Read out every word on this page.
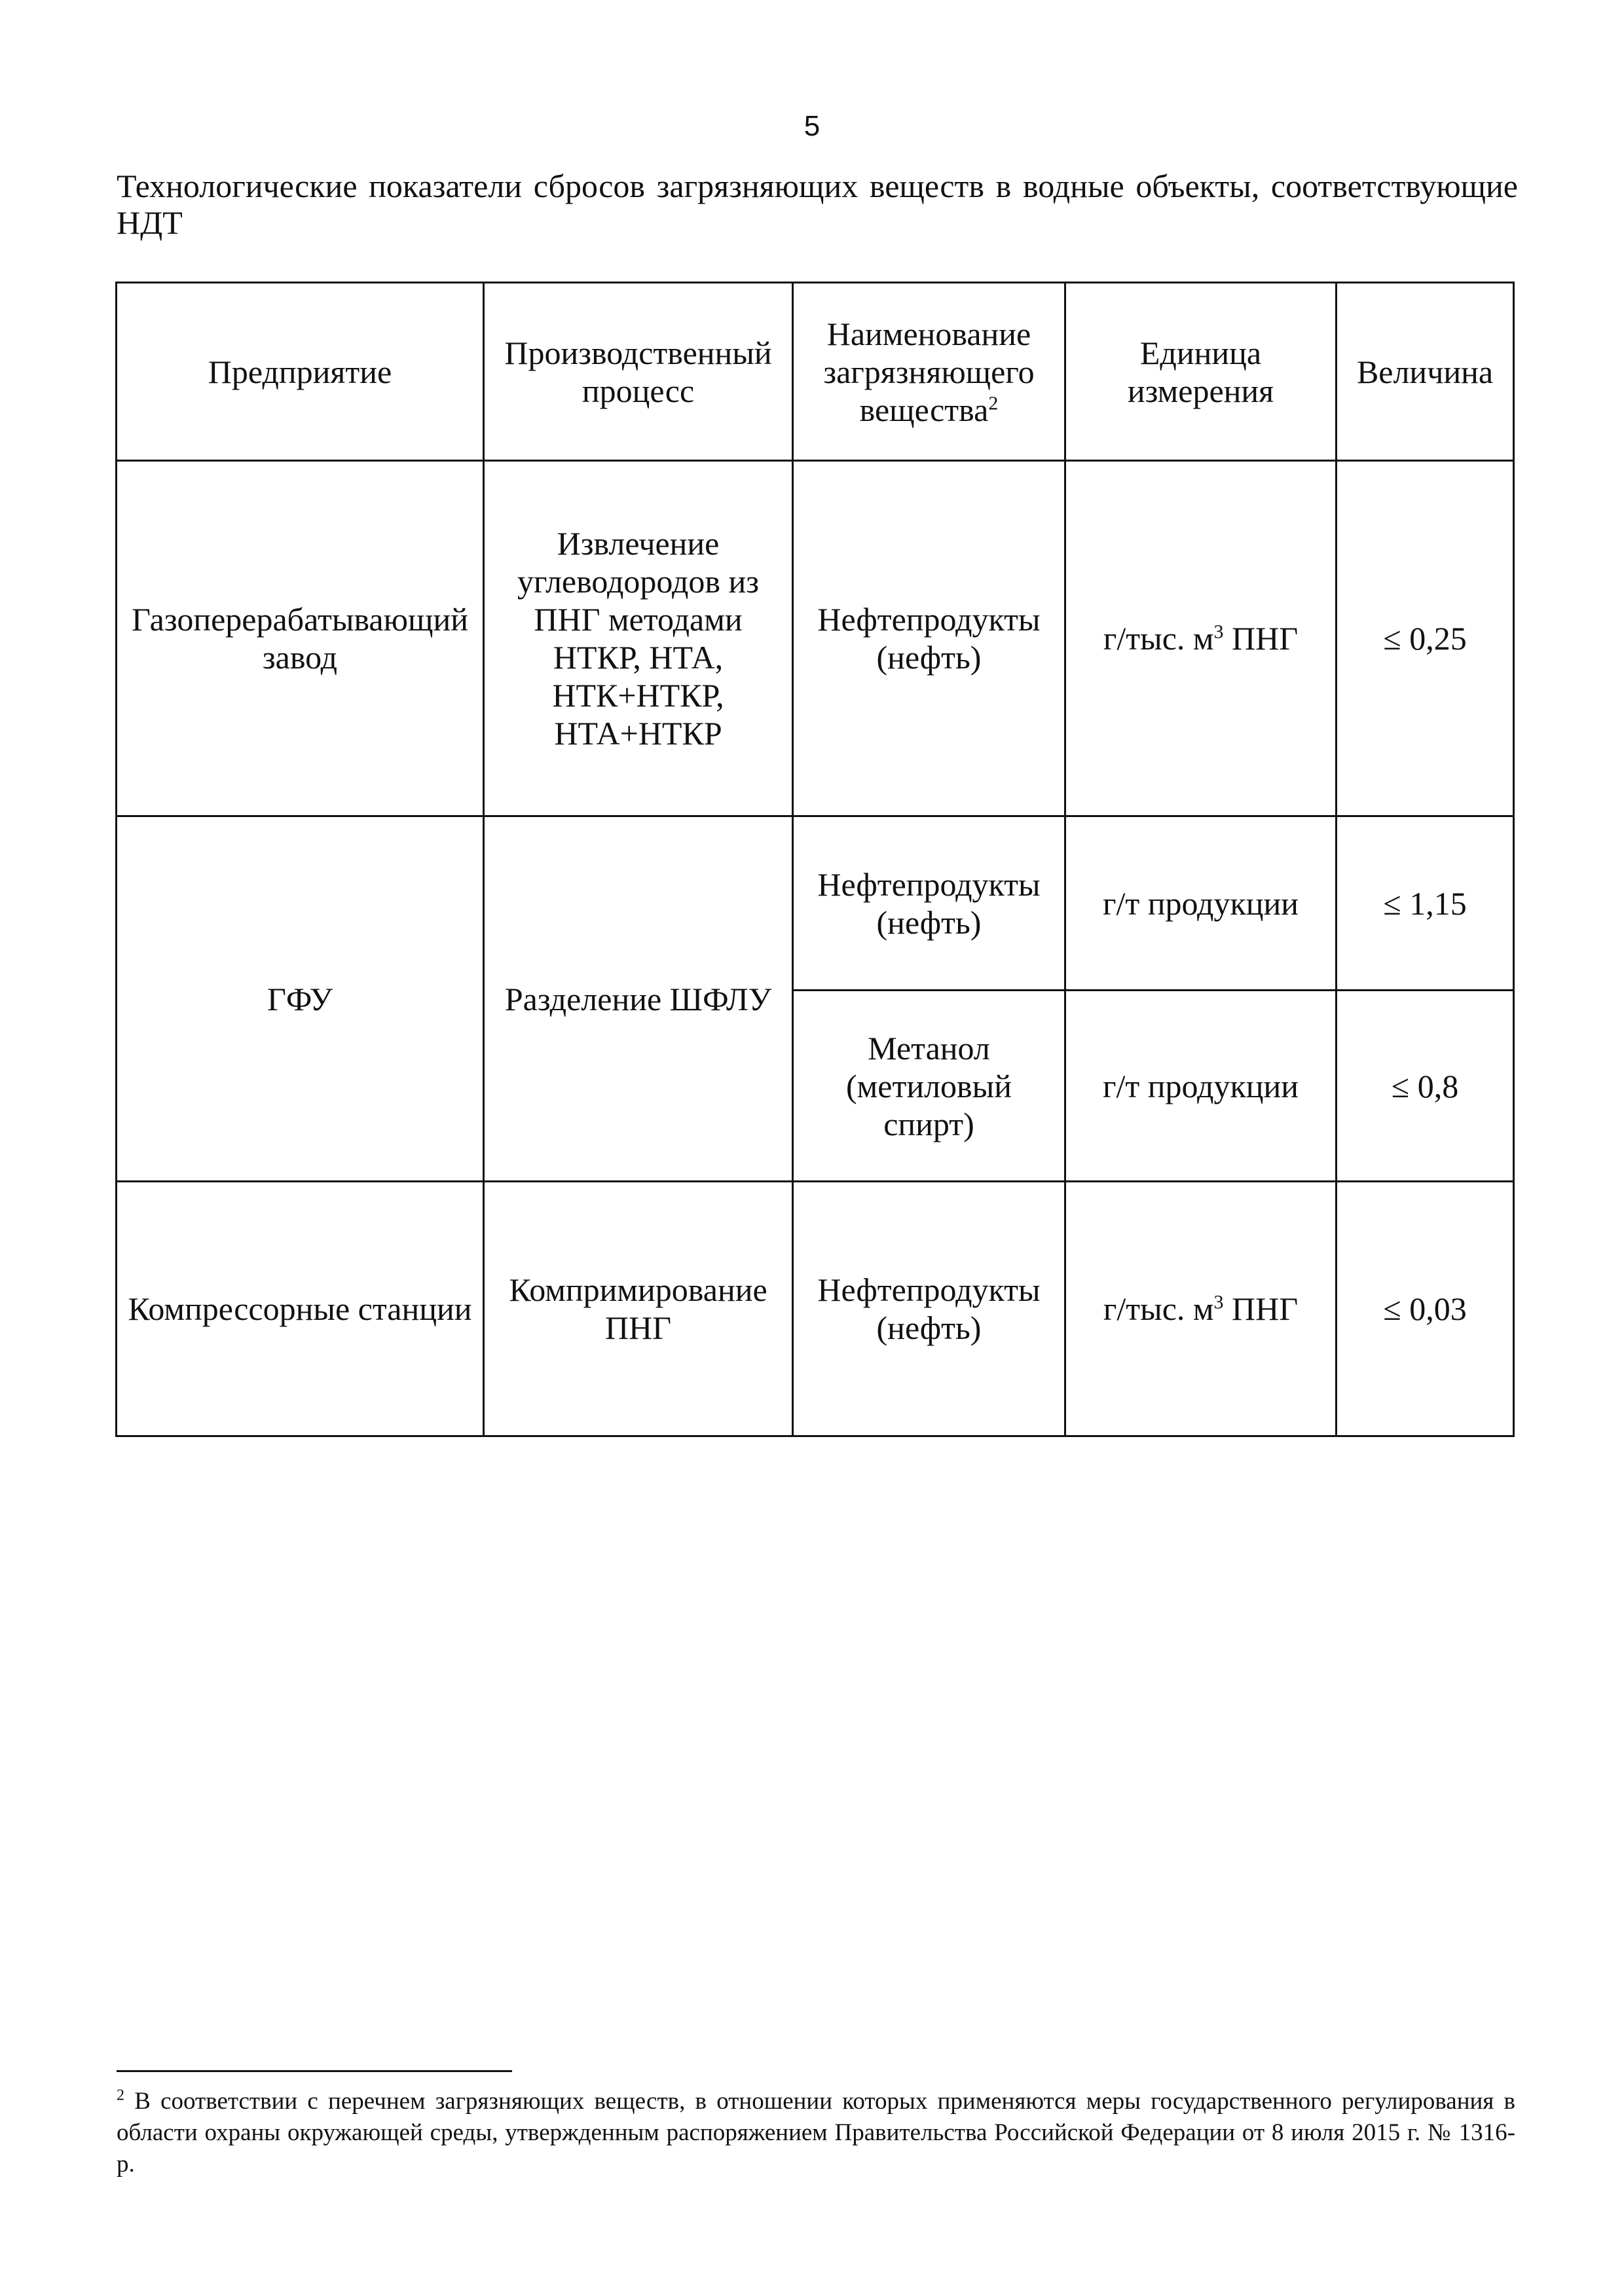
5
Технологические показатели сбросов загрязняющих веществ в водные объекты, соответствующие НДТ
Предприятие	Производственный процесс	Наименование загрязняющего вещества$^2$	Единица измерения	Величина
Газоперерабатывающий завод	Извлечение углеводородов из ПНГ методами НТКР, НТА, НТК+НТКР, НТА+НТКР	Нефтепродукты (нефть)	г/тыс. $м^3$ ПНГ	≤ 0,25
ГФУ	Разделение ШФЛУ	Нефтепродукты (нефть)	г/т продукции	≤ 1,15
		Метанол (метиловый спирт)	г/т продукции	≤ 0,8
Компрессорные станции	Компримирование ПНГ	Нефтепродукты (нефть)	г/тыс. $м^3$ ПНГ	≤ 0,03
$^2$ В соответствии с перечнем загрязняющих веществ, в отношении которых применяются меры государственного регулирования в области охраны окружающей среды, утвержденным распоряжением Правительства Российской Федерации от 8 июля 2015 г. № 1316-р.
